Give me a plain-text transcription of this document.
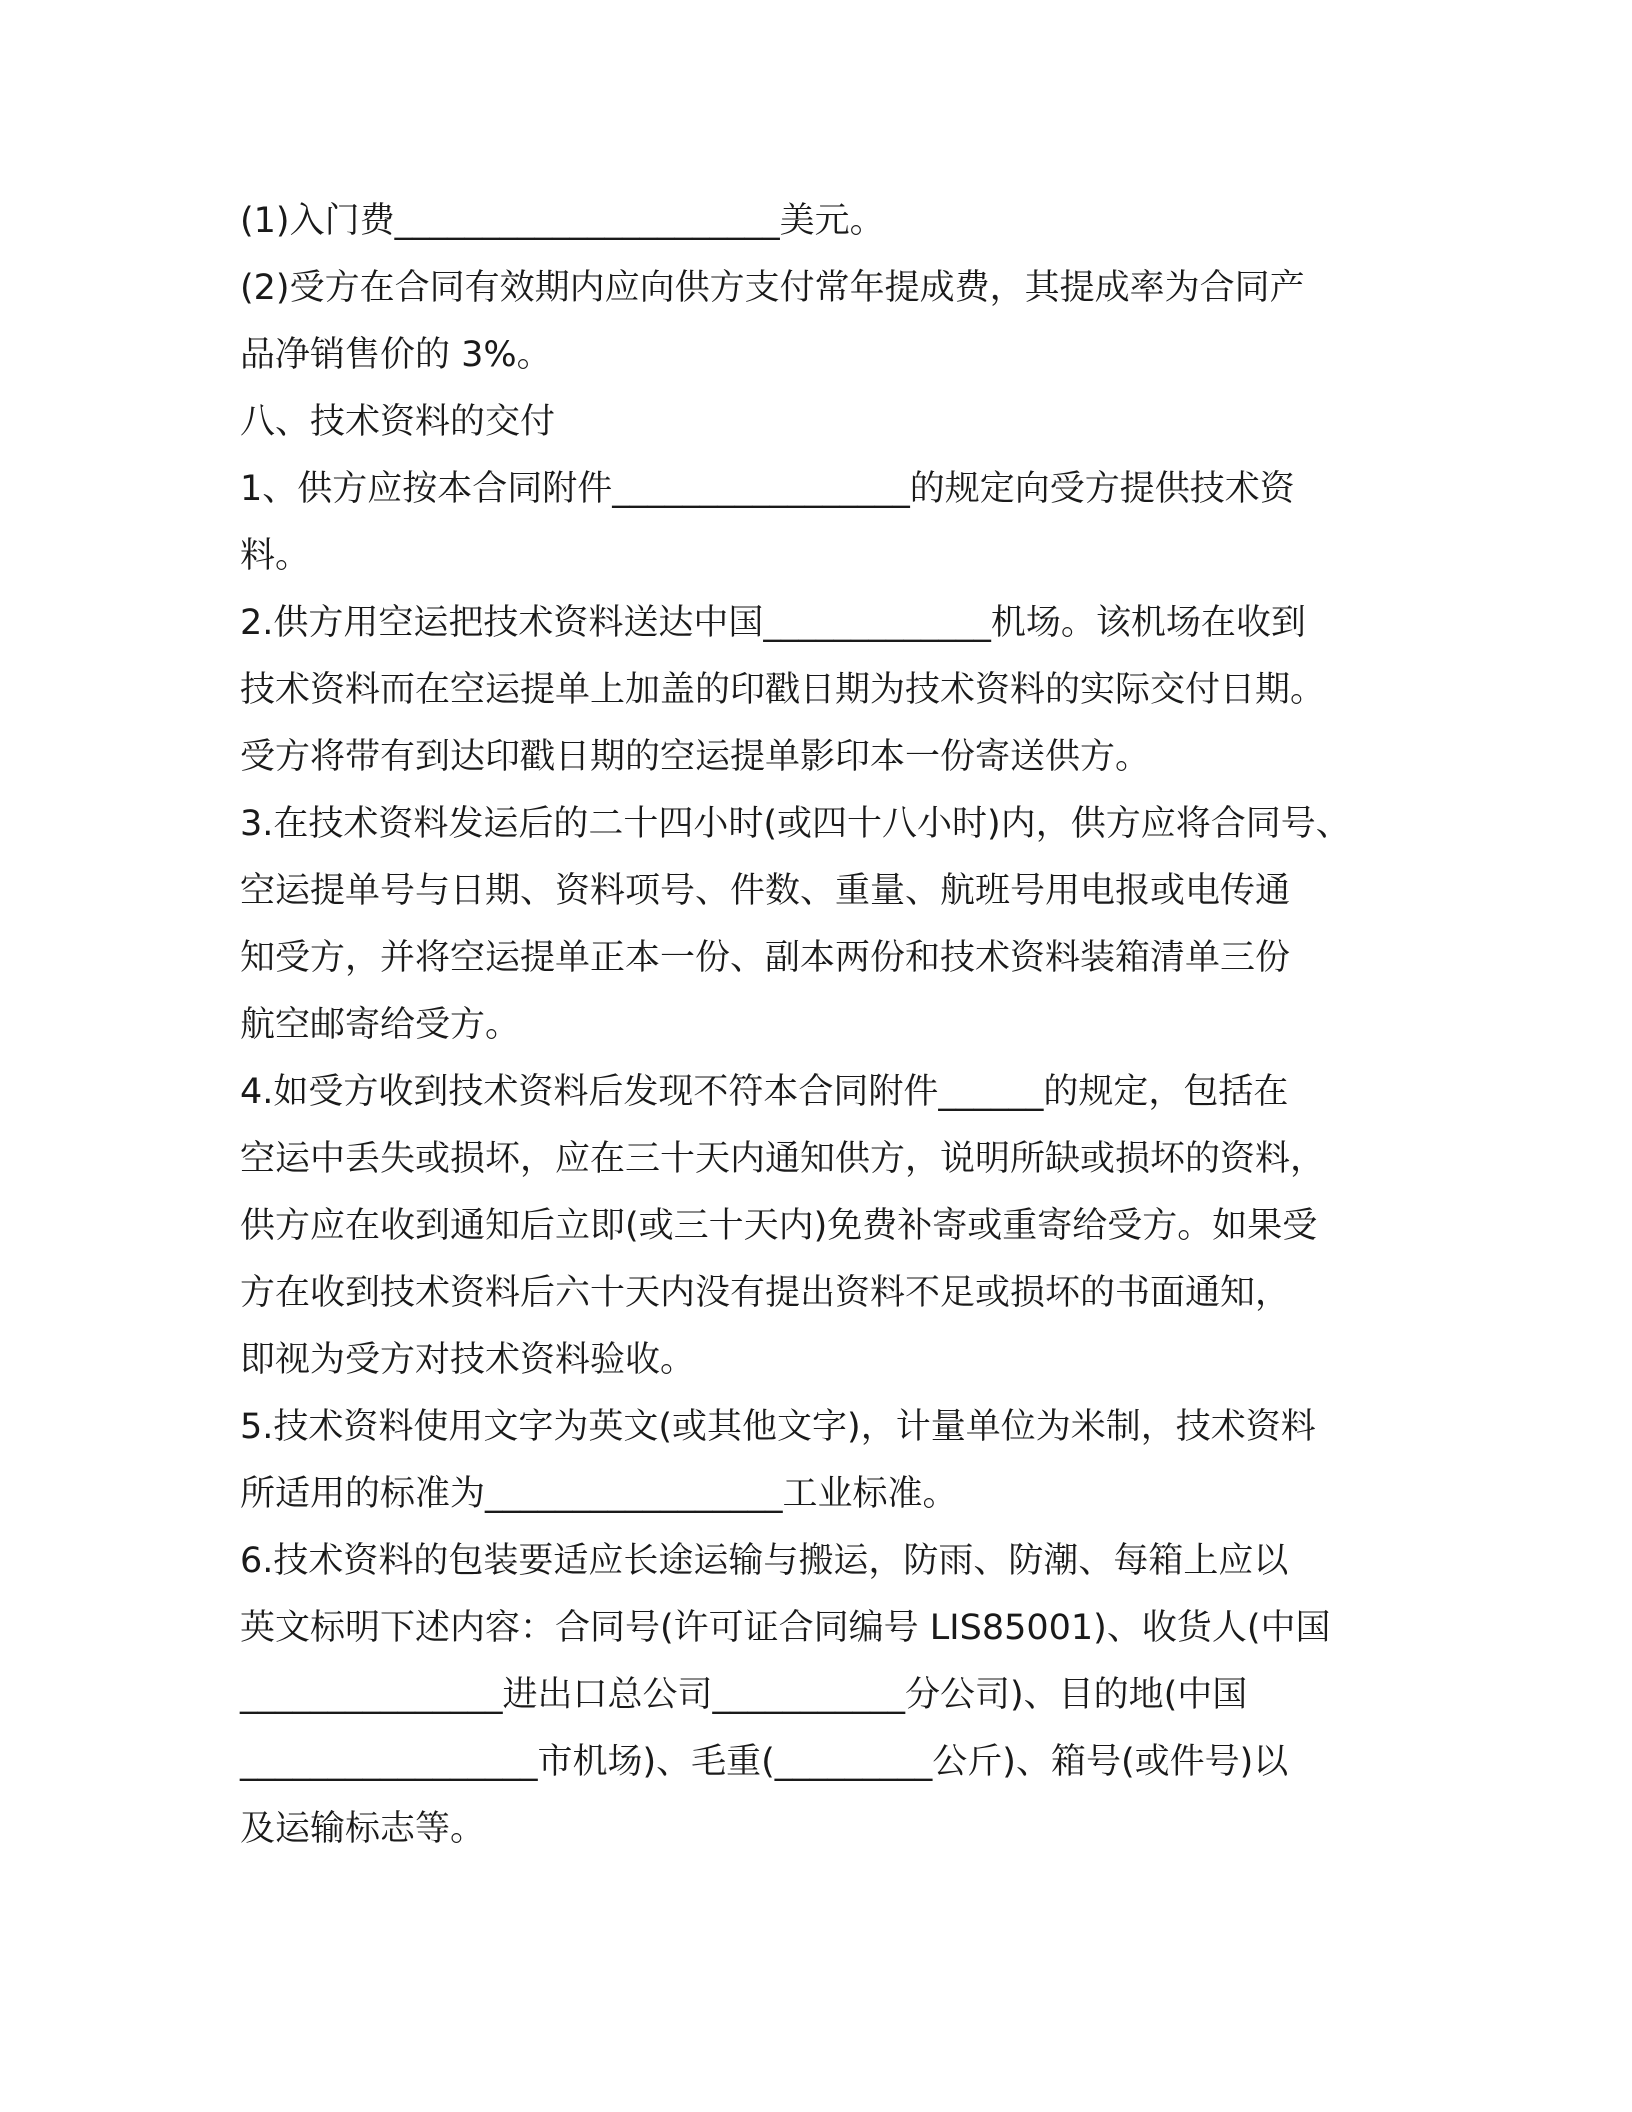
(1)入门费______________________美元。
(2)受方在合同有效期内应向供方支付常年提成费，其提成率为合同产
品净销售价的 3%。
八、技术资料的交付
1、供方应按本合同附件_________________的规定向受方提供技术资
料。
2.供方用空运把技术资料送达中国_____________机场。该机场在收到
技术资料而在空运提单上加盖的印戳日期为技术资料的实际交付日期。
受方将带有到达印戳日期的空运提单影印本一份寄送供方。
3.在技术资料发运后的二十四小时(或四十八小时)内，供方应将合同号、
空运提单号与日期、资料项号、件数、重量、航班号用电报或电传通
知受方，并将空运提单正本一份、副本两份和技术资料装箱清单三份
航空邮寄给受方。
4.如受方收到技术资料后发现不符本合同附件______的规定，包括在
空运中丢失或损坏，应在三十天内通知供方，说明所缺或损坏的资料，
供方应在收到通知后立即(或三十天内)免费补寄或重寄给受方。如果受
方在收到技术资料后六十天内没有提出资料不足或损坏的书面通知，
即视为受方对技术资料验收。
5.技术资料使用文字为英文(或其他文字)，计量单位为米制，技术资料
所适用的标准为_________________工业标准。
6.技术资料的包装要适应长途运输与搬运，防雨、防潮、每箱上应以
英文标明下述内容：合同号(许可证合同编号 LIS85001)、收货人(中国
_______________进出口总公司___________分公司)、目的地(中国
_________________市机场)、毛重(_________公斤)、箱号(或件号)以
及运输标志等。
